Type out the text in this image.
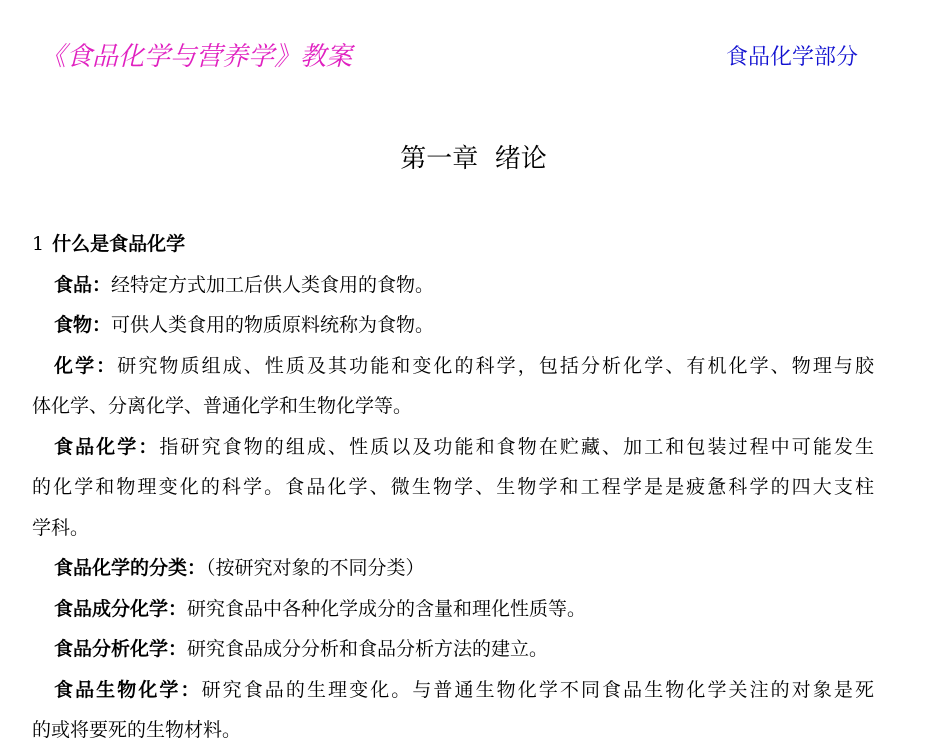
《食品化学与营养学》教案	食品化学部分
第一章  绪论
1 什么是食品化学
食品：经特定方式加工后供人类食用的食物。
食物：可供人类食用的物质原料统称为食物。
化学：研究物质组成、性质及其功能和变化的科学，包括分析化学、有机化学、物理与胶
体化学、分离化学、普通化学和生物化学等。
食品化学：指研究食物的组成、性质以及功能和食物在贮藏、加工和包装过程中可能发生
的化学和物理变化的科学。食品化学、微生物学、生物学和工程学是是疲惫科学的四大支柱
学科。
食品化学的分类：（按研究对象的不同分类）
食品成分化学：研究食品中各种化学成分的含量和理化性质等。
食品分析化学：研究食品成分分析和食品分析方法的建立。
食品生物化学：研究食品的生理变化。与普通生物化学不同食品生物化学关注的对象是死
的或将要死的生物材料。
